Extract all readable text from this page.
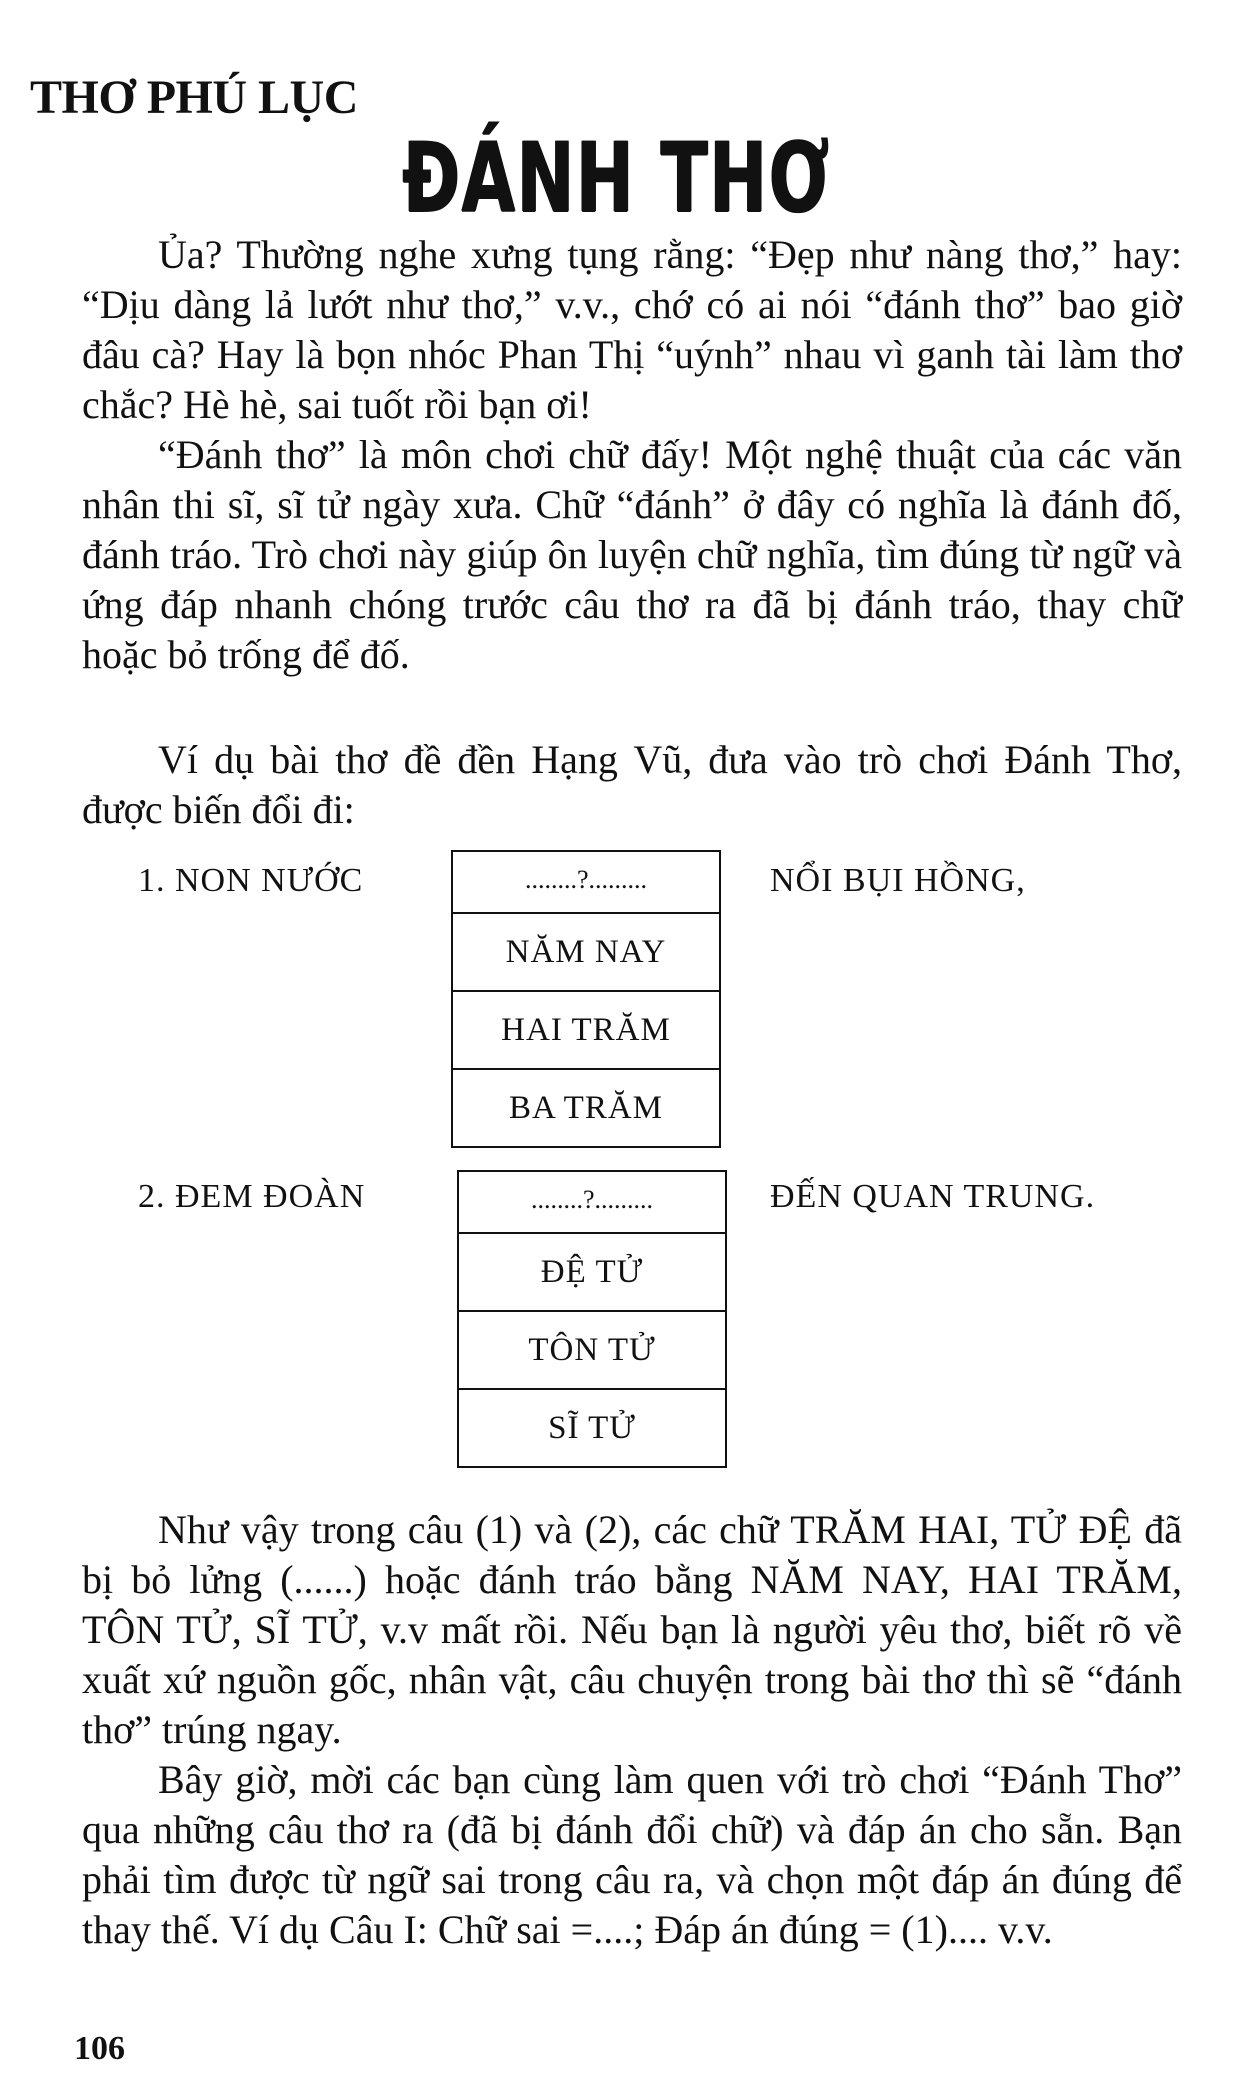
THƠ PHÚ LỤC
ĐÁNH THƠ

Ủa? Thường nghe xưng tụng rằng: “Đẹp như nàng thơ,” hay: “Dịu dàng lả lướt như thơ,” v.v., chớ có ai nói “đánh thơ” bao giờ đâu cà? Hay là bọn nhóc Phan Thị “uýnh” nhau vì ganh tài làm thơ chắc? Hè hè, sai tuốt rồi bạn ơi!

“Đánh thơ” là môn chơi chữ đấy! Một nghệ thuật của các văn nhân thi sĩ, sĩ tử ngày xưa. Chữ “đánh” ở đây có nghĩa là đánh đố, đánh tráo. Trò chơi này giúp ôn luyện chữ nghĩa, tìm đúng từ ngữ và ứng đáp nhanh chóng trước câu thơ ra đã bị đánh tráo, thay chữ hoặc bỏ trống để đố.

Ví dụ bài thơ đề đền Hạng Vũ, đưa vào trò chơi Đánh Thơ, được biến đổi đi:

1. NON NƯỚC	........?.........
NĂM NAY
HAI TRĂM
BA TRĂM
NỔI BỤI HỒNG,
2. ĐEM ĐOÀN	........?.........
ĐỆ TỬ
TÔN TỬ
SĨ TỬ
ĐẾN QUAN TRUNG.

Như vậy trong câu (1) và (2), các chữ TRĂM HAI, TỬ ĐỆ đã bị bỏ lửng (......) hoặc đánh tráo bằng NĂM NAY, HAI TRĂM, TÔN TỬ, SĨ TỬ, v.v mất rồi. Nếu bạn là người yêu thơ, biết rõ về xuất xứ nguồn gốc, nhân vật, câu chuyện trong bài thơ thì sẽ “đánh thơ” trúng ngay.

Bây giờ, mời các bạn cùng làm quen với trò chơi “Đánh Thơ” qua những câu thơ ra (đã bị đánh đổi chữ) và đáp án cho sẵn. Bạn phải tìm được từ ngữ sai trong câu ra, và chọn một đáp án đúng để thay thế. Ví dụ Câu I: Chữ sai =....; Đáp án đúng = (1).... v.v.

106
